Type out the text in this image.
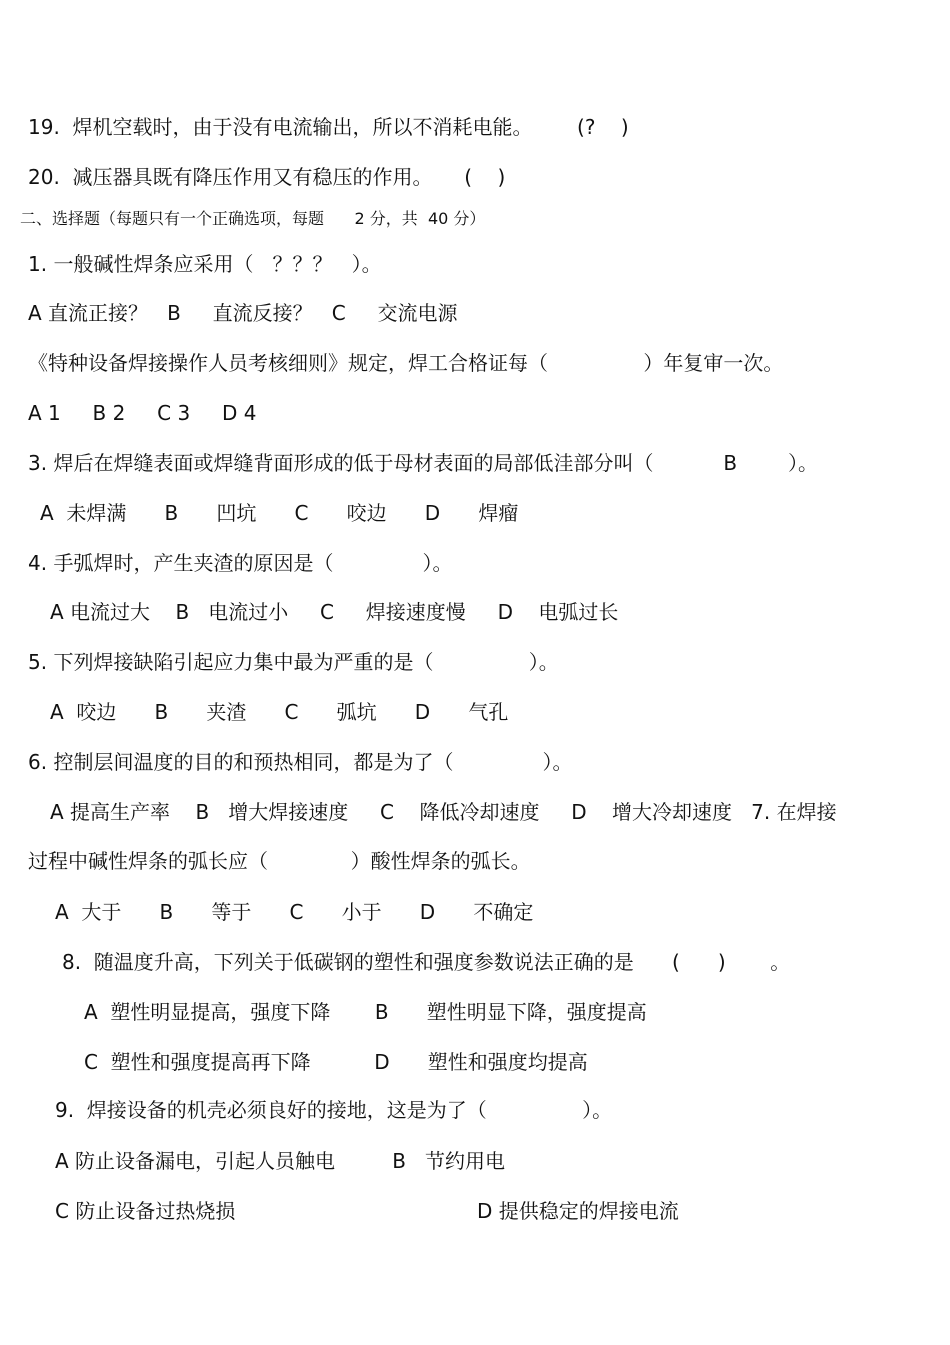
19.  焊机空载时，由于没有电流输出，所以不消耗电能。       (?    )
20.  减压器具既有降压作用又有稳压的作用。     (    )
二、选择题（每题只有一个正确选项，每题      2 分，共  40 分）
1. 一般碱性焊条应采用（   ？？？   ）。
A 直流正接？   B     直流反接？   C     交流电源
《特种设备焊接操作人员考核细则》规定，焊工合格证每（               ）年复审一次。
A 1     B 2     C 3     D 4
3. 焊后在焊缝表面或焊缝背面形成的低于母材表面的局部低洼部分叫（           B        ）。
A  未焊满      B      凹坑      C      咬边      D      焊瘤
4. 手弧焊时，产生夹渣的原因是（              ）。
A 电流过大    B   电流过小     C     焊接速度慢     D    电弧过长
5. 下列焊接缺陷引起应力集中最为严重的是（               ）。
A  咬边      B      夹渣      C      弧坑      D      气孔
6. 控制层间温度的目的和预热相同，都是为了（              ）。
A 提高生产率    B   增大焊接速度     C    降低冷却速度     D    增大冷却速度   7. 在焊接
过程中碱性焊条的弧长应（             ）酸性焊条的弧长。
A  大于      B      等于      C      小于      D      不确定
8.  随温度升高，下列关于低碳钢的塑性和强度参数说法正确的是      (      )       。
A  塑性明显提高，强度下降       B      塑性明显下降，强度提高
C  塑性和强度提高再下降          D      塑性和强度均提高
9.  焊接设备的机壳必须良好的接地，这是为了（               ）。
A 防止设备漏电，引起人员触电         B   节约用电
C 防止设备过热烧损	D 提供稳定的焊接电流
